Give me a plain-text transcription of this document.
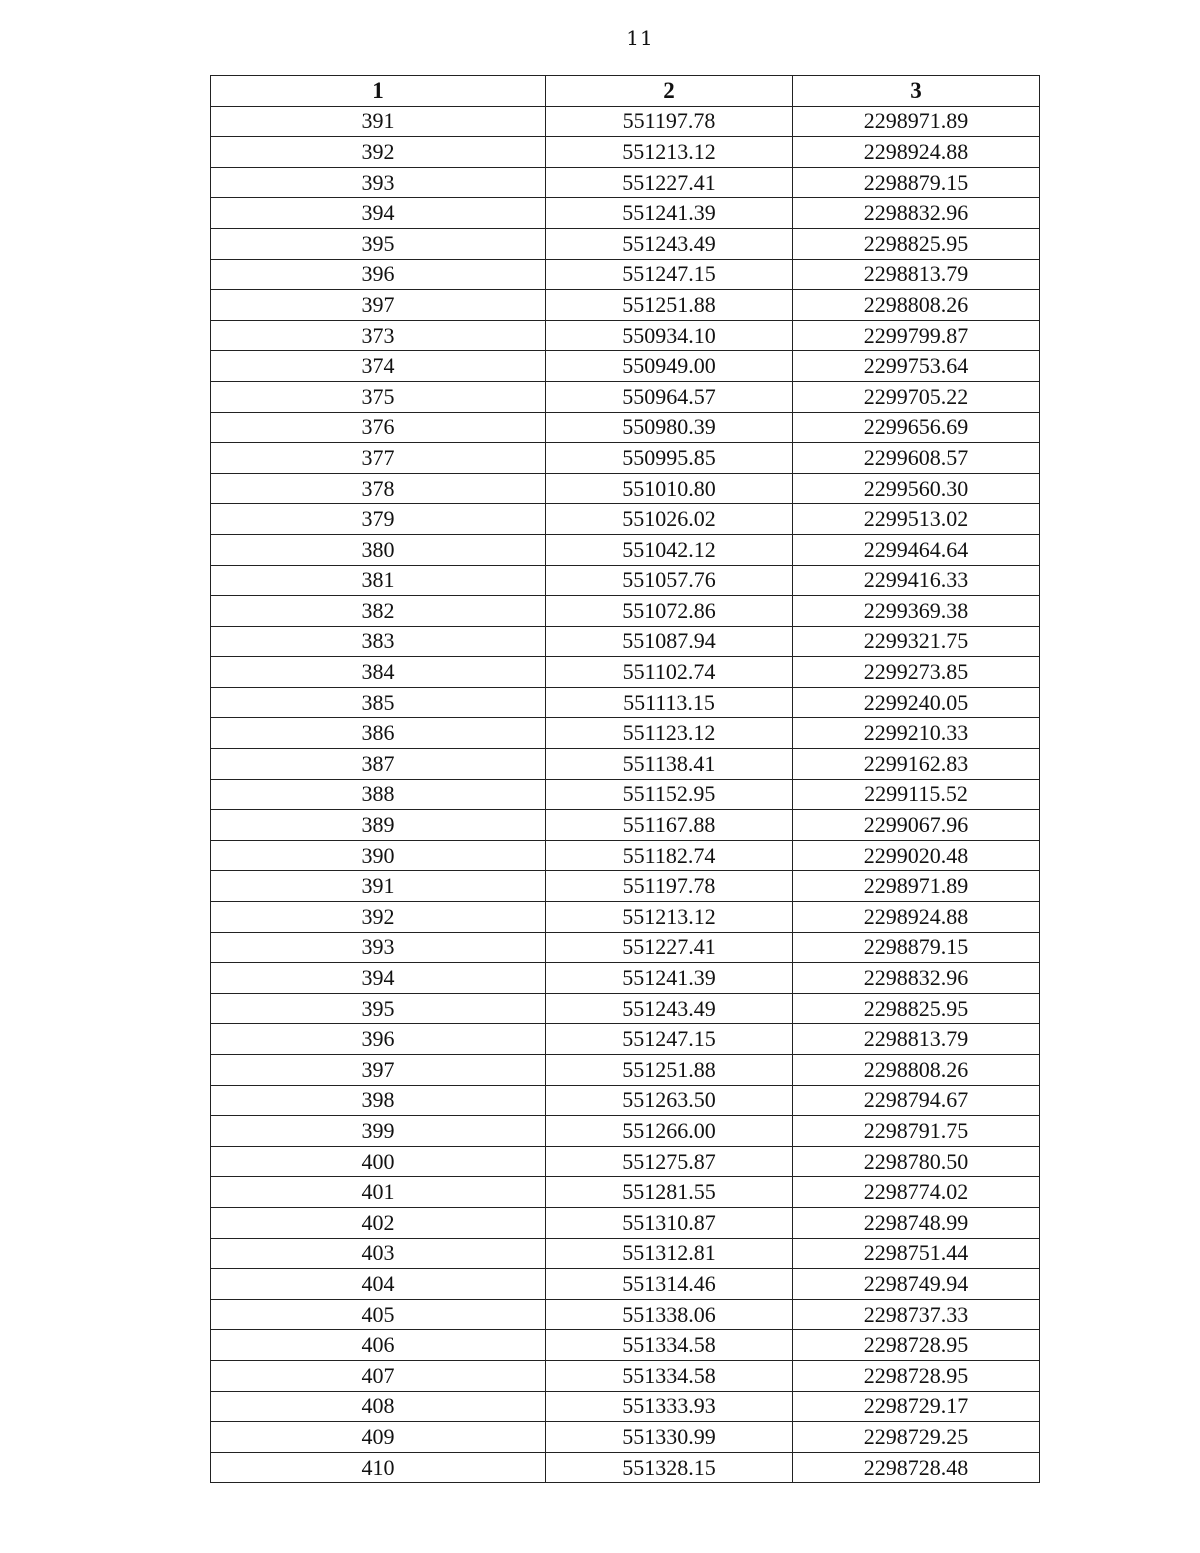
11
1	2	3
391	551197.78	2298971.89
392	551213.12	2298924.88
393	551227.41	2298879.15
394	551241.39	2298832.96
395	551243.49	2298825.95
396	551247.15	2298813.79
397	551251.88	2298808.26
373	550934.10	2299799.87
374	550949.00	2299753.64
375	550964.57	2299705.22
376	550980.39	2299656.69
377	550995.85	2299608.57
378	551010.80	2299560.30
379	551026.02	2299513.02
380	551042.12	2299464.64
381	551057.76	2299416.33
382	551072.86	2299369.38
383	551087.94	2299321.75
384	551102.74	2299273.85
385	551113.15	2299240.05
386	551123.12	2299210.33
387	551138.41	2299162.83
388	551152.95	2299115.52
389	551167.88	2299067.96
390	551182.74	2299020.48
391	551197.78	2298971.89
392	551213.12	2298924.88
393	551227.41	2298879.15
394	551241.39	2298832.96
395	551243.49	2298825.95
396	551247.15	2298813.79
397	551251.88	2298808.26
398	551263.50	2298794.67
399	551266.00	2298791.75
400	551275.87	2298780.50
401	551281.55	2298774.02
402	551310.87	2298748.99
403	551312.81	2298751.44
404	551314.46	2298749.94
405	551338.06	2298737.33
406	551334.58	2298728.95
407	551334.58	2298728.95
408	551333.93	2298729.17
409	551330.99	2298729.25
410	551328.15	2298728.48
